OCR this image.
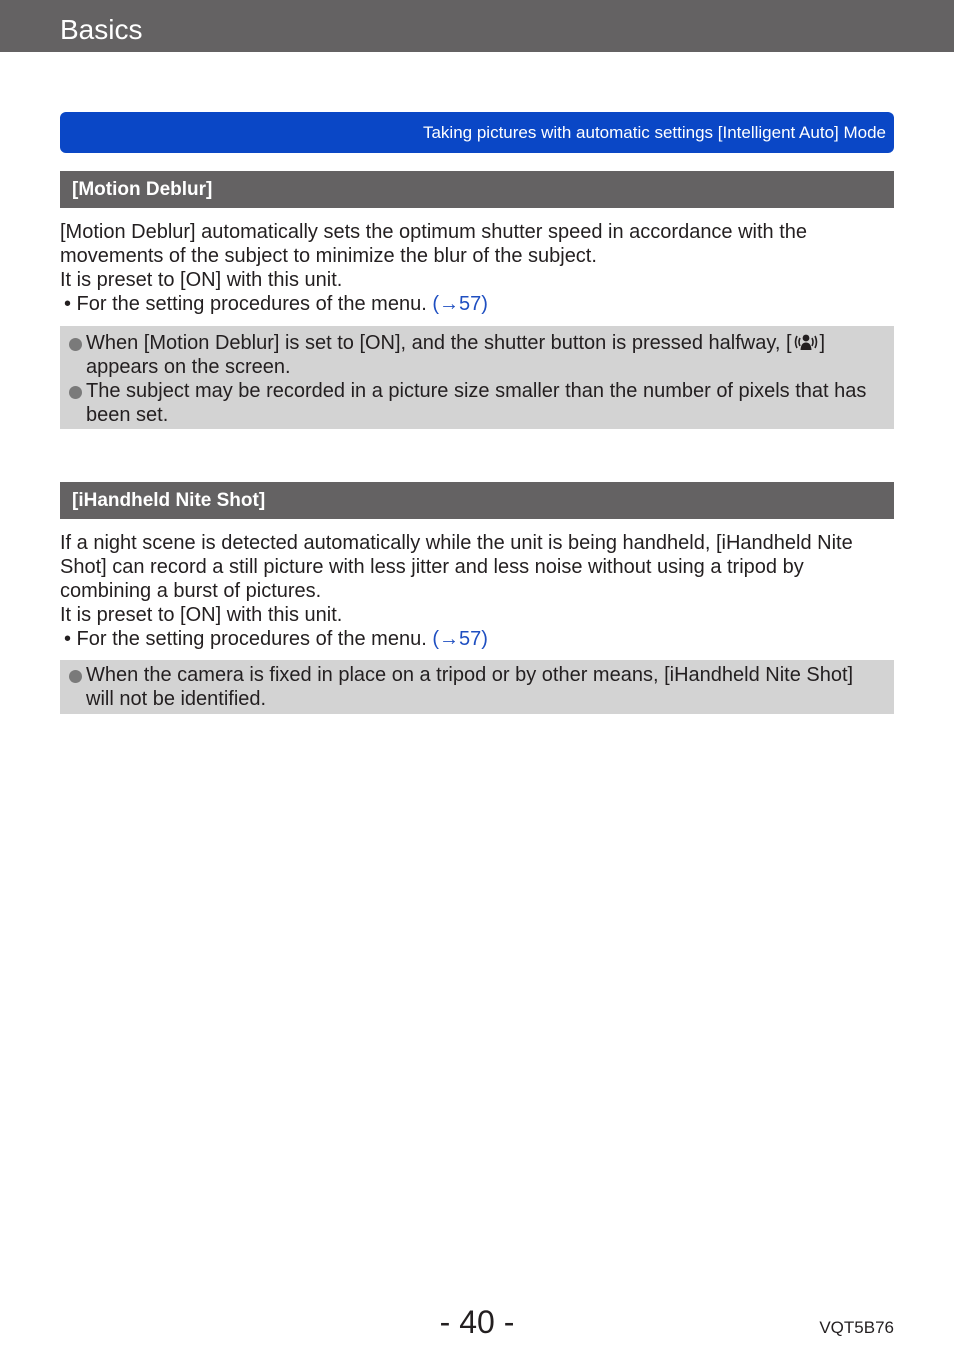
Basics
Taking pictures with automatic settings [Intelligent Auto] Mode
[Motion Deblur]

[Motion Deblur] automatically sets the optimum shutter speed in accordance with the movements of the subject to minimize the blur of the subject.

It is preset to [ON] with this unit.

• For the setting procedures of the menu. (→57)

When [Motion Deblur] is set to [ON], and the shutter button is pressed halfway, [ ] appears on the screen.
The subject may be recorded in a picture size smaller than the number of pixels that has been set.
[iHandheld Nite Shot]

If a night scene is detected automatically while the unit is being handheld, [iHandheld Nite Shot] can record a still picture with less jitter and less noise without using a tripod by combining a burst of pictures.

It is preset to [ON] with this unit.

• For the setting procedures of the menu. (→57)

When the camera is fixed in place on a tripod or by other means, [iHandheld Nite Shot] will not be identified.
- 40 -	VQT5B76
